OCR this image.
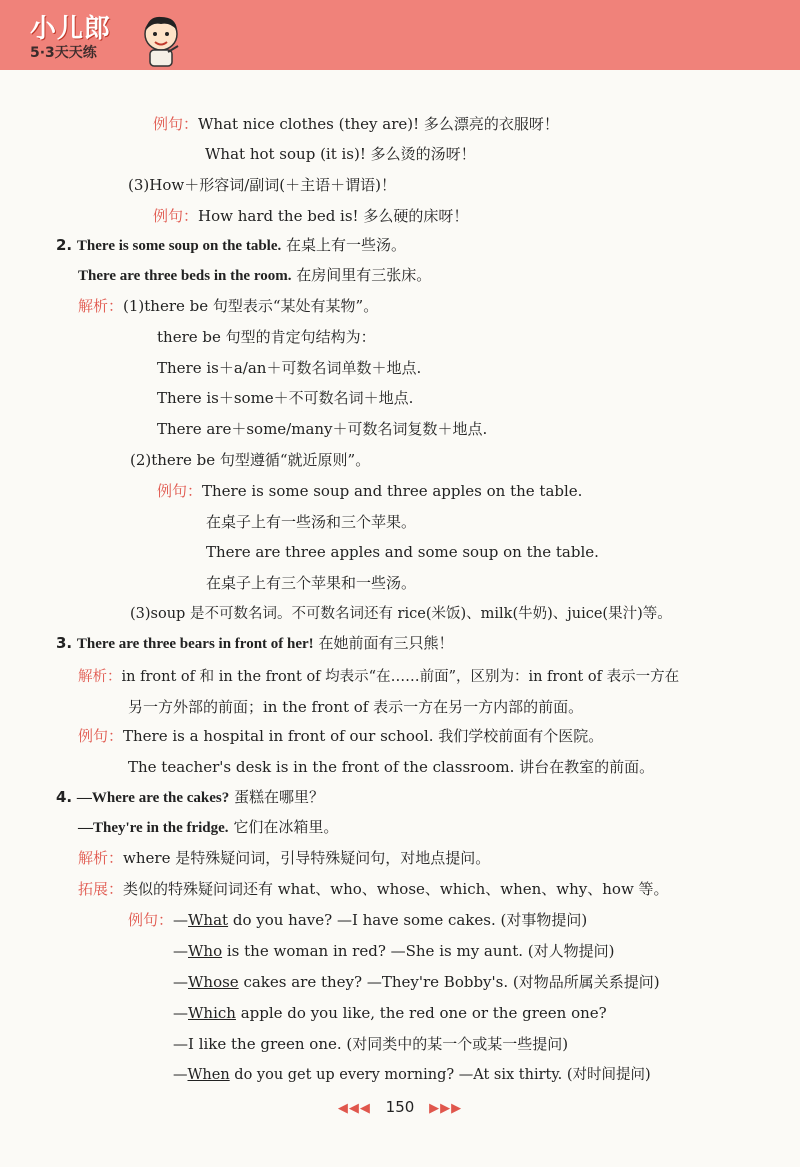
小儿郎
5·3天天练
例句：What nice clothes (they are)! 多么漂亮的衣服呀！
What hot soup (it is)! 多么烫的汤呀！
(3)How＋形容词/副词(＋主语＋谓语)！
例句：How hard the bed is! 多么硬的床呀！
2. There is some soup on the table. 在桌上有一些汤。
There are three beds in the room. 在房间里有三张床。
解析：(1)there be 句型表示“某处有某物”。
there be 句型的肯定句结构为：
There is＋a/an＋可数名词单数＋地点.
There is＋some＋不可数名词＋地点.
There are＋some/many＋可数名词复数＋地点.
(2)there be 句型遵循“就近原则”。
例句：There is some soup and three apples on the table.
在桌子上有一些汤和三个苹果。
There are three apples and some soup on the table.
在桌子上有三个苹果和一些汤。
(3)soup 是不可数名词。不可数名词还有 rice(米饭)、milk(牛奶)、juice(果汁)等。
3. There are three bears in front of her! 在她前面有三只熊！
解析：in front of 和 in the front of 均表示“在……前面”，区别为：in front of 表示一方在
另一方外部的前面；in the front of 表示一方在另一方内部的前面。
例句：There is a hospital in front of our school. 我们学校前面有个医院。
The teacher's desk is in the front of the classroom. 讲台在教室的前面。
4. —Where are the cakes? 蛋糕在哪里？
—They're in the fridge. 它们在冰箱里。
解析：where 是特殊疑问词，引导特殊疑问句，对地点提问。
拓展：类似的特殊疑问词还有 what、who、whose、which、when、why、how 等。
例句：—What do you have? —I have some cakes. (对事物提问)
—Who is the woman in red? —She is my aunt. (对人物提问)
—Whose cakes are they? —They're Bobby's. (对物品所属关系提问)
—Which apple do you like, the red one or the green one?
—I like the green one. (对同类中的某一个或某一些提问)
—When do you get up every morning? —At six thirty. (对时间提问)
◀◀◀ 150 ▶▶▶
